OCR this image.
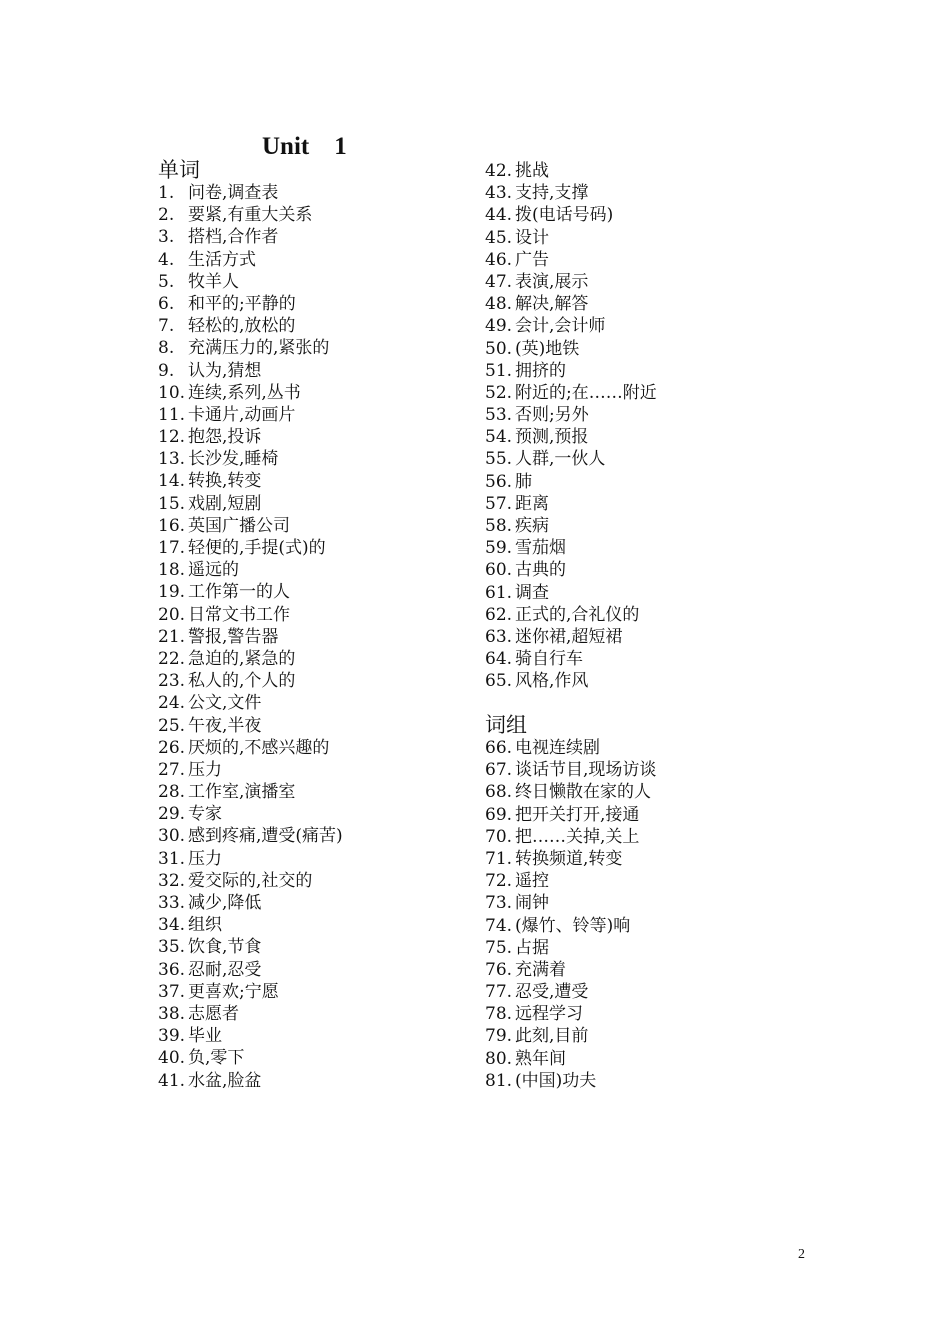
Unit    1
单词
1. 问卷,调查表
2. 要紧,有重大关系
3. 搭档,合作者
4. 生活方式
5. 牧羊人
6. 和平的;平静的
7. 轻松的,放松的
8. 充满压力的,紧张的
9. 认为,猜想
10. 连续,系列,丛书
11. 卡通片,动画片
12. 抱怨,投诉
13. 长沙发,睡椅
14. 转换,转变
15. 戏剧,短剧
16. 英国广播公司
17. 轻便的,手提(式)的
18. 遥远的
19. 工作第一的人
20. 日常文书工作
21. 警报,警告器
22. 急迫的,紧急的
23. 私人的,个人的
24. 公文,文件
25. 午夜,半夜
26. 厌烦的,不感兴趣的
27. 压力
28. 工作室,演播室
29. 专家
30. 感到疼痛,遭受(痛苦)
31. 压力
32. 爱交际的,社交的
33. 减少,降低
34. 组织
35. 饮食,节食
36. 忍耐,忍受
37. 更喜欢;宁愿
38. 志愿者
39. 毕业
40. 负,零下
41. 水盆,脸盆
42. 挑战
43. 支持,支撑
44. 拨(电话号码)
45. 设计
46. 广告
47. 表演,展示
48. 解决,解答
49. 会计,会计师
50. (英)地铁
51. 拥挤的
52. 附近的;在……附近
53. 否则;另外
54. 预测,预报
55. 人群,一伙人
56. 肺
57. 距离
58. 疾病
59. 雪茄烟
60. 古典的
61. 调查
62. 正式的,合礼仪的
63. 迷你裙,超短裙
64. 骑自行车
65. 风格,作风
词组
66. 电视连续剧
67. 谈话节目,现场访谈
68. 终日懒散在家的人
69. 把开关打开,接通
70. 把……关掉,关上
71. 转换频道,转变
72. 遥控
73. 闹钟
74. (爆竹、铃等)响
75. 占据
76. 充满着
77. 忍受,遭受
78. 远程学习
79. 此刻,目前
80. 熟年间
81. (中国)功夫
2
